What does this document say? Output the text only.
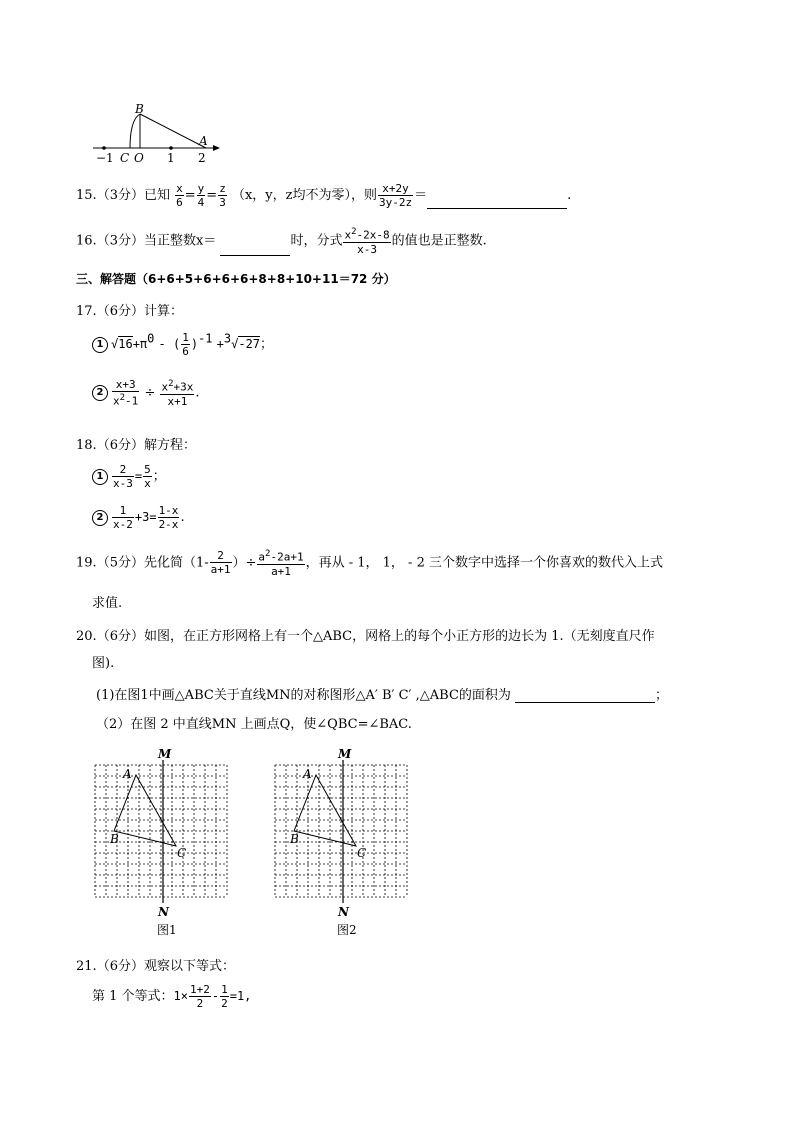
B
A
−1 C O 1 2
15.（3分）已知 $\frac{x}{6} = \frac{y}{4} = \frac{z}{3} (x$，y，z均不为零），则 $\frac{x+2y}{3y-2z}$ ＝	.
16.（3分）当正整数x＝	时，分式 $\frac{x^2-2x-8}{x-3}$ 的值也是正整数.
三、解答题（6+6+5+6+6+6+8+8+10+11＝72 分）
17.（6分）计算：
1 $√16+\pi^0$ - ( $\frac{1}{6} )^{-1} +^3√-27$；
$2 \frac{x+3}{x^2-1} \div \frac{x^2+3x}{x+1}$ .
18.（6分）解方程：
$1 \frac{2}{x-3} = \frac{5}{x}$ ；
$2 \frac{1}{x-2} +3= \frac{1-x}{2-x}$ .
19.（5分）先化简（$1- \frac{2}{a+1}$ ）÷ $\frac{a^2-2a+1}{a+1}$ ，再从 - 1， 1， - 2 三个数字中选择一个你喜欢的数代入上式
求值.
20.（6分）如图，在正方形网格上有一个△ABC，网格上的每个小正方形的边长为 1.（无刻度直尺作
图).
(1)在图1中画△ABC关于直线MN的对称图形△A′ B′ C′ ,△ABC的面积为	；
（2）在图 2 中直线MN 上画点Q，使∠QBC=∠BAC.
M
N
A
B
C
图1
M
N
A
B
C
图2
21.（6分）观察以下等式：
第 1 个等式：$1\times \frac{1+2}{2} - \frac{1}{2} =1$,
